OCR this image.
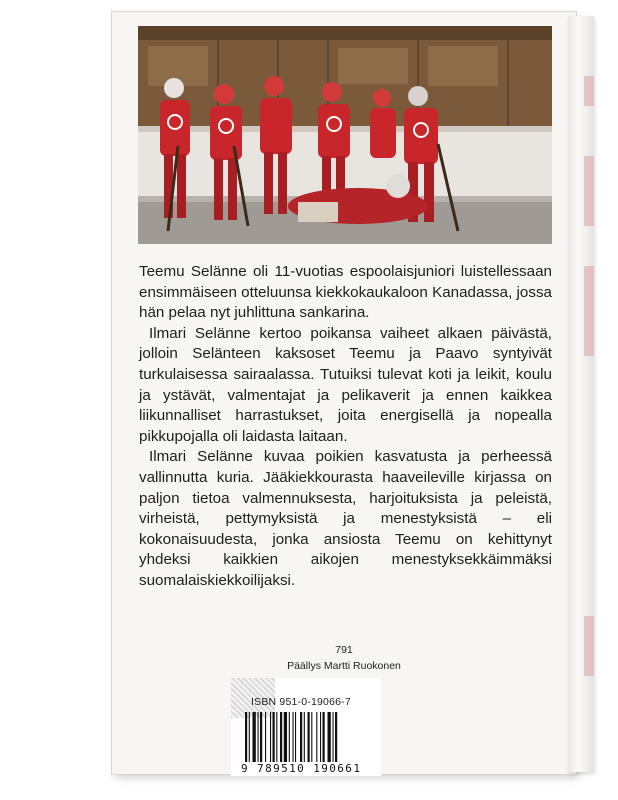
Teemu Selänne oli 11-vuotias espoolaisjuniori luistellessaan ensimmäiseen otteluunsa kiekkokaukaloon Kanadassa, jossa hän pelaa nyt juhlittuna sankarina.

Ilmari Selänne kertoo poikansa vaiheet alkaen päivästä, jolloin Selänteen kaksoset Teemu ja Paavo syntyivät turkulaisessa sairaalassa. Tutuiksi tulevat koti ja leikit, koulu ja ystävät, valmentajat ja pelikaverit ja ennen kaikkea liikunnalliset harrastukset, joita energisellä ja nopealla pikkupojalla oli laidasta laitaan.

Ilmari Selänne kuvaa poikien kasvatusta ja perheessä vallinnutta kuria. Jääkiekkourasta haaveileville kirjassa on paljon tietoa valmennuksesta, harjoituksista ja peleistä, virheistä, pettymyksistä ja menestyksistä – eli kokonaisuudesta, jonka ansiosta Teemu on kehittynyt yhdeksi kaikkien aikojen menestyksekkäimmäksi suomalaiskiekkoilijaksi.

791
Päällys Martti Ruokonen
ISBN 951-0-19066-7
9 789510 190661
